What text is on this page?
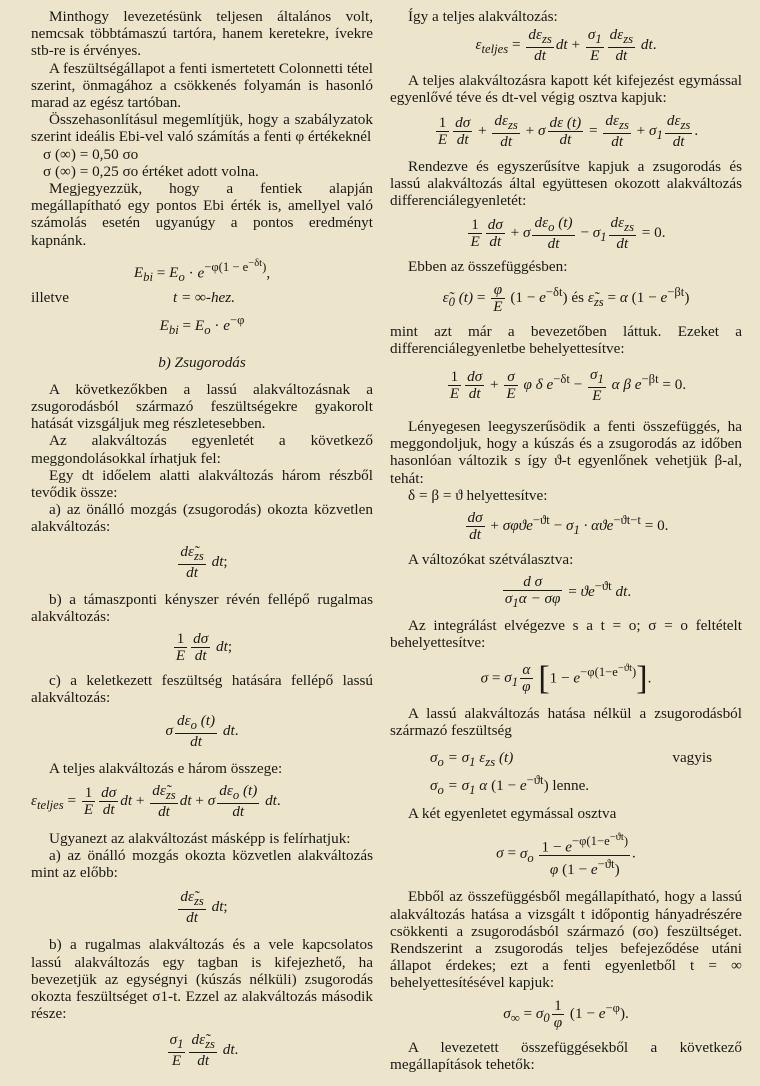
Minthogy levezetésünk teljesen általános volt, nemcsak többtámaszú tartóra, hanem keretekre, ívekre stb-re is érvényes.

A feszültségállapot a fenti ismertetett Colonnetti tétel szerint, önmagához a csökkenés folyamán is hasonló marad az egész tartóban.

Összehasonlításul megemlítjük, hogy a szabályzatok szerint ideális Ebi-vel való számítás a fenti φ értékeknél

σ (∞) = 0,50 σo

σ (∞) = 0,25 σo értéket adott volna.

Megjegyezzük, hogy a fentiek alapján megállapítható egy pontos Ebi érték is, amellyel való számolás esetén ugyanúgy a pontos eredményt kapnánk.

$E_{bi} = E_o \cdot e^{-\varphi(1 - e^{-\delta t})}$,
illetve	t = ∞-hez.
$E_{bi} = E_o \cdot e^{-\varphi}$

b) Zsugorodás

A következőkben a lassú alakváltozásnak a zsugorodásból származó feszültségekre gyakorolt hatását vizsgáljuk meg részletesebben.

Az alakváltozás egyenletét a következő meggondolásokkal írhatjuk fel:

Egy dt időelem alatti alakváltozás három részből tevődik össze:

a) az önálló mozgás (zsugorodás) okozta közvetlen alakváltozás:

$\frac{d\varepsiloñ_{zs}}{dt}$ dt;

b) a támaszponti kényszer révén fellépő rugalmas alakváltozás:

$\frac{1}{E} \frac{d\sigma}{dt}$ dt;

c) a keletkezett feszültség hatására fellépő lassú alakváltozás:

σ $\frac{d\varepsilon_o (t)}{dt}$ dt.

A teljes alakváltozás e három összege:

$\varepsilon_{teljes} = \frac{1}{E} \frac{d\sigma}{dt}$ dt + $\frac{d\varepsiloñ_{zs}}{dt}$ dt + σ $\frac{d\varepsilon_o (t)}{dt}$ dt.

Ugyanezt az alakváltozást másképp is felírhatjuk:

a) az önálló mozgás okozta közvetlen alakváltozás mint az előbb:

$\frac{d\varepsiloñ_{zs}}{dt}$ dt;

b) a rugalmas alakváltozás és a vele kapcsolatos lassú alakváltozás egy tagban is kifejezhető, ha bevezetjük az egységnyi (kúszás nélküli) zsugorodás okozta feszültséget σ1-t. Ezzel az alakváltozás második része:

$\frac{\sigma_1}{E} \frac{d\varepsiloñ_{zs}}{dt}$ dt.

Így a teljes alakváltozás:

$\varepsilon_{teljes} = \frac{d\varepsilon_{zs}}{dt}$ dt + $\frac{\sigma_1}{E} \frac{d\varepsilon_{zs}}{dt}$ dt.

A teljes alakváltozásra kapott két kifejezést egymással egyenlővé téve és dt-vel végig osztva kapjuk:

$\frac{1}{E} \frac{d\sigma}{dt} + \frac{d\varepsilon_{zs}}{dt} + \sigma \frac{d\varepsilon (t)}{dt} = \frac{d\varepsilon_{zs}}{dt} + \sigma_1 \frac{d\varepsilon_{zs}}{dt}$ .

Rendezve és egyszerűsítve kapjuk a zsugorodás és lassú alakváltozás által együttesen okozott alakváltozás differenciálegyenletét:

$\frac{1}{E} \frac{d\sigma}{dt} + \sigma \frac{d\varepsilon_o (t)}{dt} - \sigma_1 \frac{d\varepsilon_{zs}}{dt} = 0$.

Ebben az összefüggésben:

$\varepsiloñ_0$ $(t) = \frac{\varphi}{E} (1 - e^{-\delta t})$ és $\varepsiloñ_{zs} = \alpha$ $(1 - e^{-\beta t})$

mint azt már a bevezetőben láttuk. Ezeket a differenciálegyenletbe behelyettesítve:

$\frac{1}{E} \frac{d\sigma}{dt} + \frac{\sigma}{E}$ φ δ $e^{-\delta t} - \frac{\sigma_1}{E}$ α β $e^{-\beta t} = 0$.

Lényegesen leegyszerűsödik a fenti összefüggés, ha meggondoljuk, hogy a kúszás és a zsugorodás az időben hasonlóan változik s így ϑ-t egyenlőnek vehetjük β-al, tehát:

δ = β = ϑ helyettesítve:

$\frac{d\sigma}{dt} + \sigma\varphi ϑe^{-ϑt} - \sigma_1 \cdot \alpha ϑe^{-ϑt-t} = 0$.

A változókat szétválasztva:

$\frac{\text{d σ}}{\sigma_1\alpha - \sigma\varphi} = ϑe^{-ϑt}$ dt.

Az integrálást elvégezve s a t = o; σ = o feltételt behelyettesítve:

$\sigma = \sigma_1 \frac{\alpha}{\varphi} [1 - e^{-\varphi(1-e^{-ϑt})}]$.

A lassú alakváltozás hatása nélkül a zsugorodásból származó feszültség

$\sigma_o = \sigma_1$ $\varepsilon_{zs}$ (t)	vagyis
$\sigma_o = \sigma_1$ α $(1 - e^{-ϑt})$ lenne.

A két egyenletet egymással osztva

$\sigma = \sigma_o \frac{1 - e^{-\varphi(1-e^{-ϑt})}}{\varphi (1 - e^{-ϑt})}$ .

Ebből az összefüggésből megállapítható, hogy a lassú alakváltozás hatása a vizsgált t időpontig hányadrészére csökkenti a zsugorodásból származó (σo) feszültséget. Rendszerint a zsugorodás teljes befejeződése utáni állapot érdekes; ezt a fenti egyenletből t = ∞ behelyettesítésével kapjuk:

$\sigma_\infty = \sigma_0 \frac{1}{\varphi} (1 - e^{-\varphi})$.

A levezetett összefüggésekből a következő megállapítások tehetők:
